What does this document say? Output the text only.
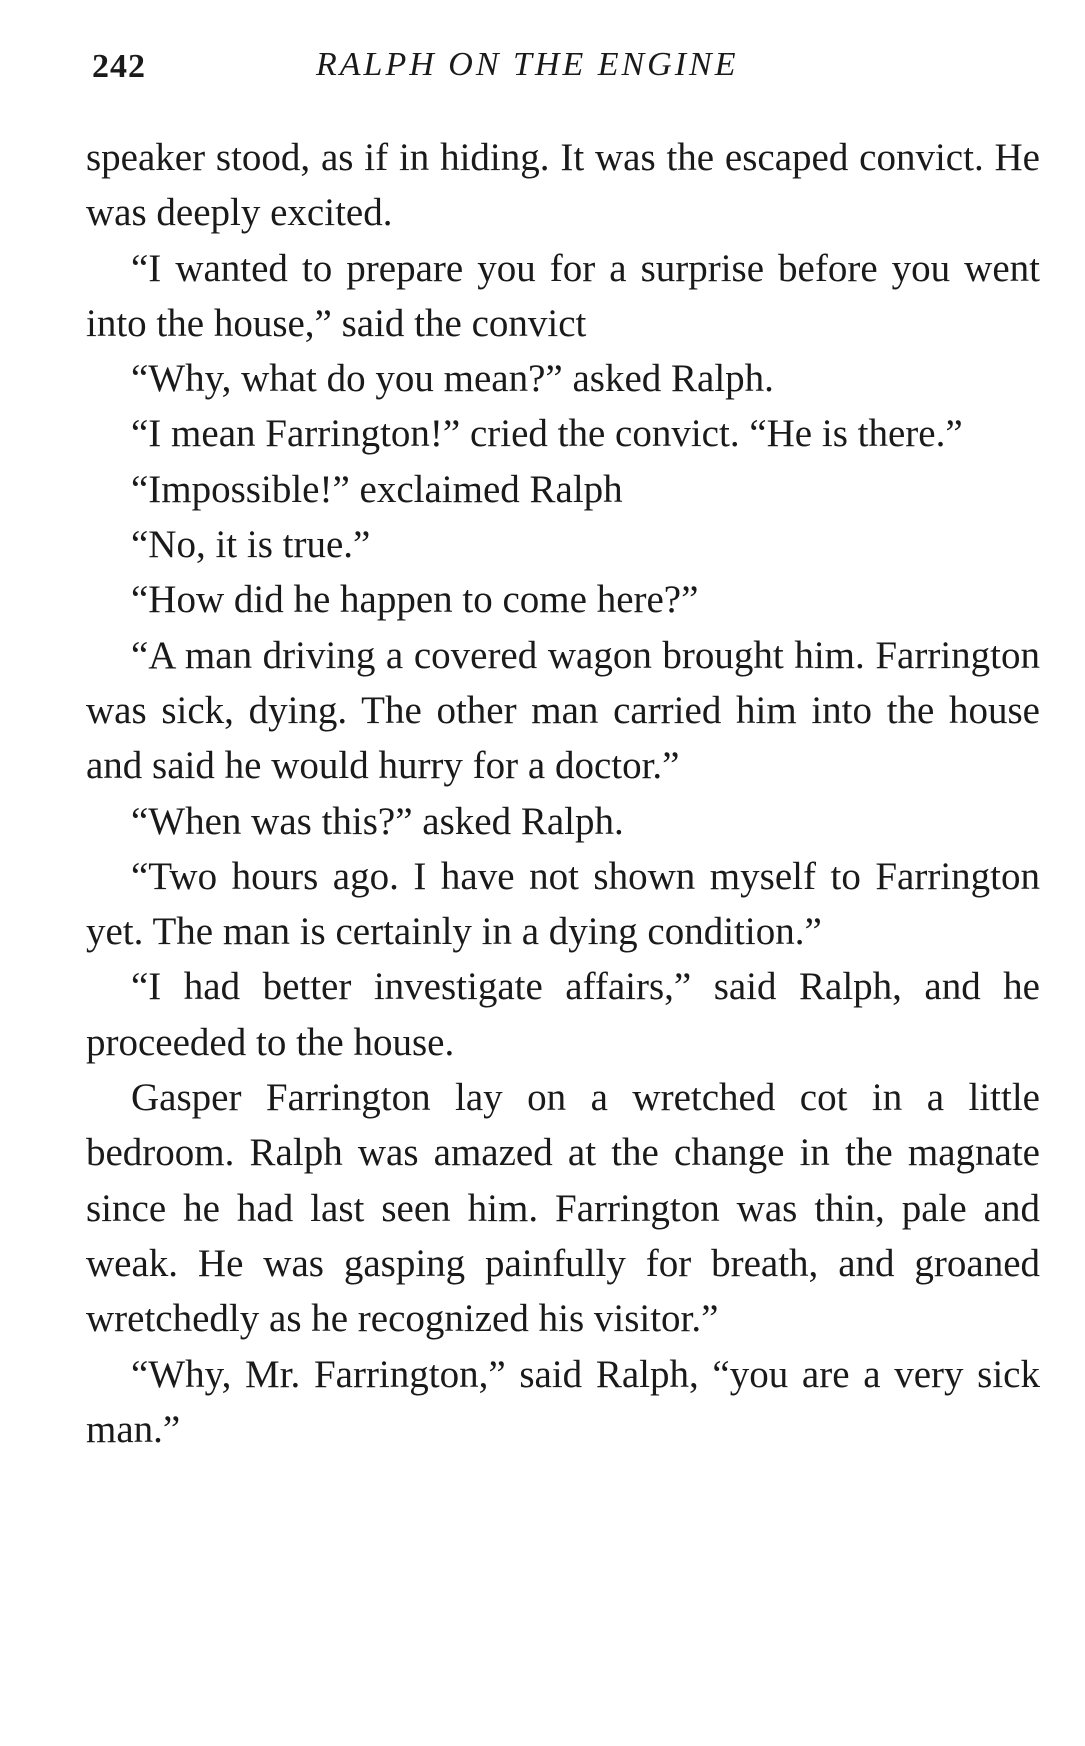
242	RALPH ON THE ENGINE

speaker stood, as if in hiding. It was the escaped convict. He was deeply excited.

“I wanted to prepare you for a surprise before you went into the house,” said the convict

“Why, what do you mean?” asked Ralph.

“I mean Farrington!” cried the convict. “He is there.”

“Impossible!” exclaimed Ralph

“No, it is true.”

“How did he happen to come here?”

“A man driving a covered wagon brought him. Farrington was sick, dying. The other man carried him into the house and said he would hurry for a doctor.”

“When was this?” asked Ralph.

“Two hours ago. I have not shown myself to Farrington yet. The man is certainly in a dying condition.”

“I had better investigate affairs,” said Ralph, and he proceeded to the house.

Gasper Farrington lay on a wretched cot in a little bedroom. Ralph was amazed at the change in the magnate since he had last seen him. Farrington was thin, pale and weak. He was gasping painfully for breath, and groaned wretchedly as he recognized his visitor.”

“Why, Mr. Farrington,” said Ralph, “you are a very sick man.”
